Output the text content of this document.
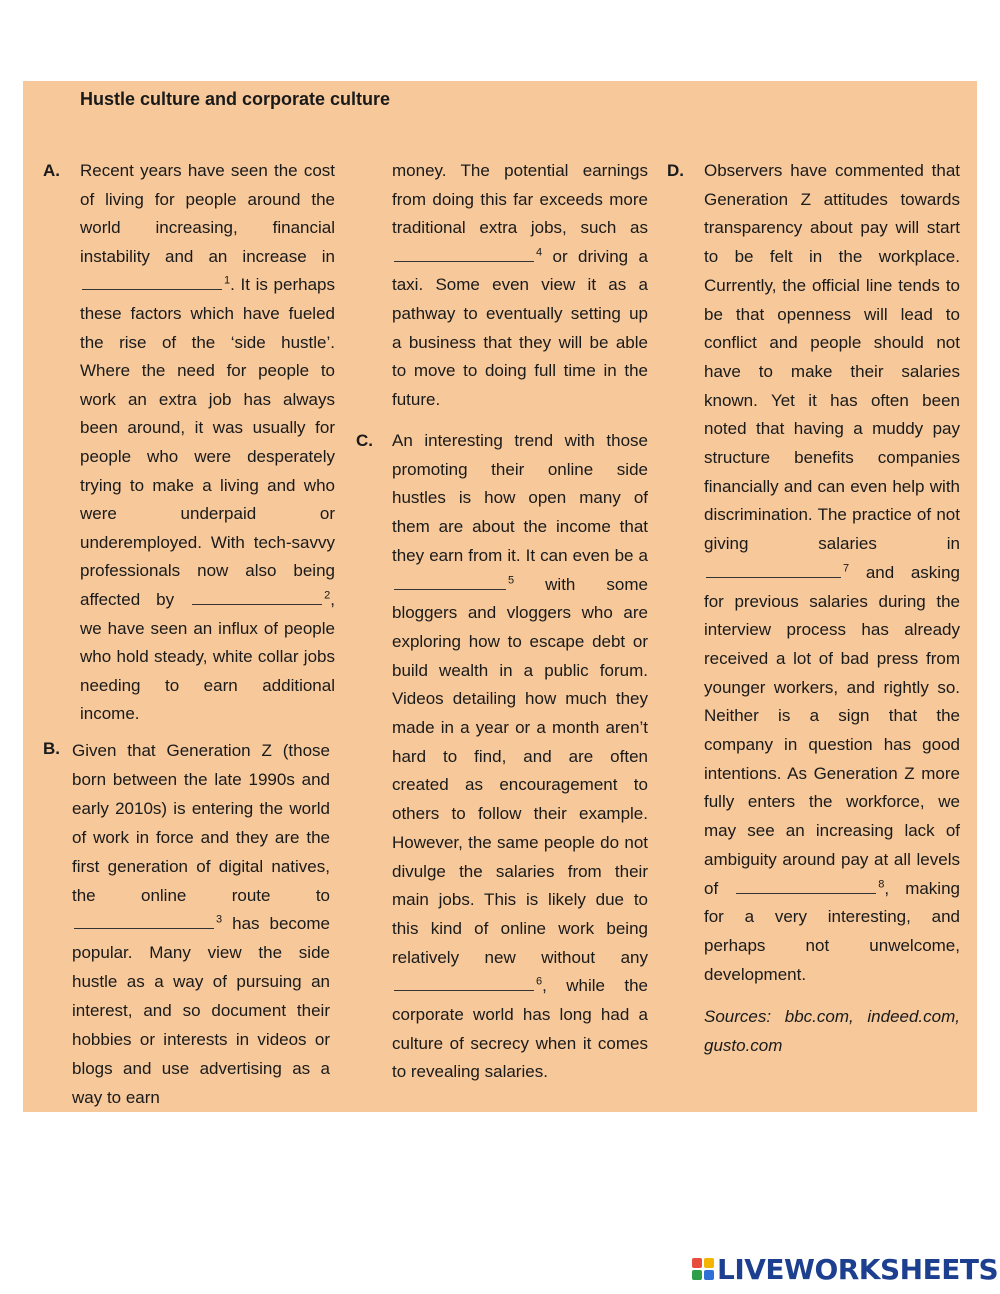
Hustle culture and corporate culture
A. Recent years have seen the cost of living for people around the world increasing, financial instability and an increase in $^1$. It is perhaps these factors which have fueled the rise of the ‘side hustle’. Where the need for people to work an extra job has always been around, it was usually for people who were desperately trying to make a living and who were underpaid or underemployed. With tech-savvy professionals now also being affected by	$^2$, we have seen an influx of people who hold steady, white collar jobs needing to earn additional income.

B. Given that Generation Z (those born between the late 1990s and early 2010s) is entering the world of work in force and they are the first generation of digital natives, the online route to $^3$ has become popular. Many view the side hustle as a way of pursuing an interest, and so document their hobbies or interests in videos or blogs and use advertising as a way to earn

money. The potential earnings from doing this far exceeds more traditional extra jobs, such as $^4$ or driving a taxi. Some even view it as a pathway to eventually setting up a business that they will be able to move to doing full time in the future.

C. An interesting trend with those promoting their online side hustles is how open many of them are about the income that they earn from it. It can even be a $^5$ with some bloggers and vloggers who are exploring how to escape debt or build wealth in a public forum. Videos detailing how much they made in a year or a month aren’t hard to find, and are often created as encouragement to others to follow their example. However, the same people do not divulge the salaries from their main jobs. This is likely due to this kind of online work being relatively new without any $^6$, while the corporate world has long had a culture of secrecy when it comes to revealing salaries.

D. Observers have commented that Generation Z attitudes towards transparency about pay will start to be felt in the workplace. Currently, the official line tends to be that openness will lead to conflict and people should not have to make their salaries known. Yet it has often been noted that having a muddy pay structure benefits companies financially and can even help with discrimination. The practice of not giving salaries in $^7$ and asking for previous salaries during the interview process has already received a lot of bad press from younger workers, and rightly so. Neither is a sign that the company in question has good intentions. As Generation Z more fully enters the workforce, we may see an increasing lack of ambiguity around pay at all levels of	$^8$, making for a very interesting, and perhaps not unwelcome, development.

Sources: bbc.com, indeed.com, gusto.com

LIVEWORKSHEETS
